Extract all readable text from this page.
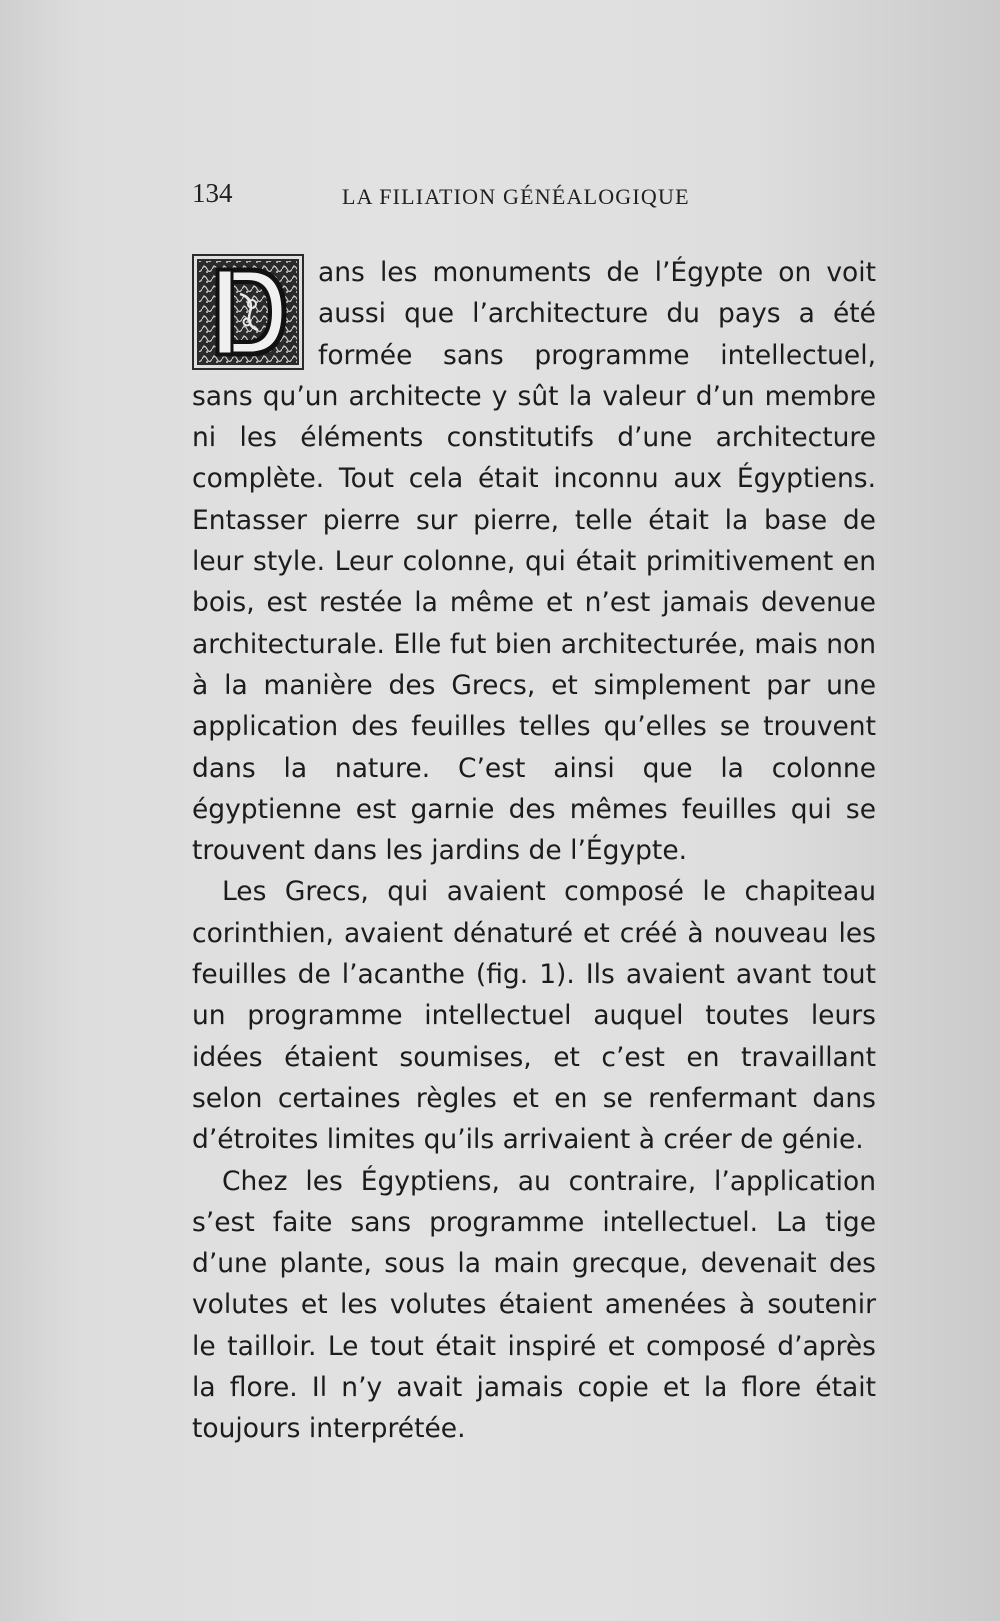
134	LA FILIATION GÉNÉALOGIQUE

ans les monuments de l’Égypte on voit aussi que l’architecture du pays a été formée sans programme intellectuel, sans qu’un architecte y sût la valeur d’un membre ni les éléments constitutifs d’une architecture complète. Tout cela était inconnu aux Égyptiens. Entasser pierre sur pierre, telle était la base de leur style. Leur colonne, qui était primitivement en bois, est restée la même et n’est jamais devenue architecturale. Elle fut bien architecturée, mais non à la manière des Grecs, et simplement par une application des feuilles telles qu’elles se trouvent dans la nature. C’est ainsi que la colonne égyptienne est garnie des mêmes feuilles qui se trouvent dans les jardins de l’Égypte.

Les Grecs, qui avaient composé le chapiteau corinthien, avaient dénaturé et créé à nouveau les feuilles de l’acanthe (fig. 1). Ils avaient avant tout un programme intellectuel auquel toutes leurs idées étaient soumises, et c’est en travaillant selon certaines règles et en se renfermant dans d’étroites limites qu’ils arrivaient à créer de génie.

Chez les Égyptiens, au contraire, l’application s’est faite sans programme intellectuel. La tige d’une plante, sous la main grecque, devenait des volutes et les volutes étaient amenées à soutenir le tailloir. Le tout était inspiré et composé d’après la flore. Il n’y avait jamais copie et la flore était toujours interprétée.
